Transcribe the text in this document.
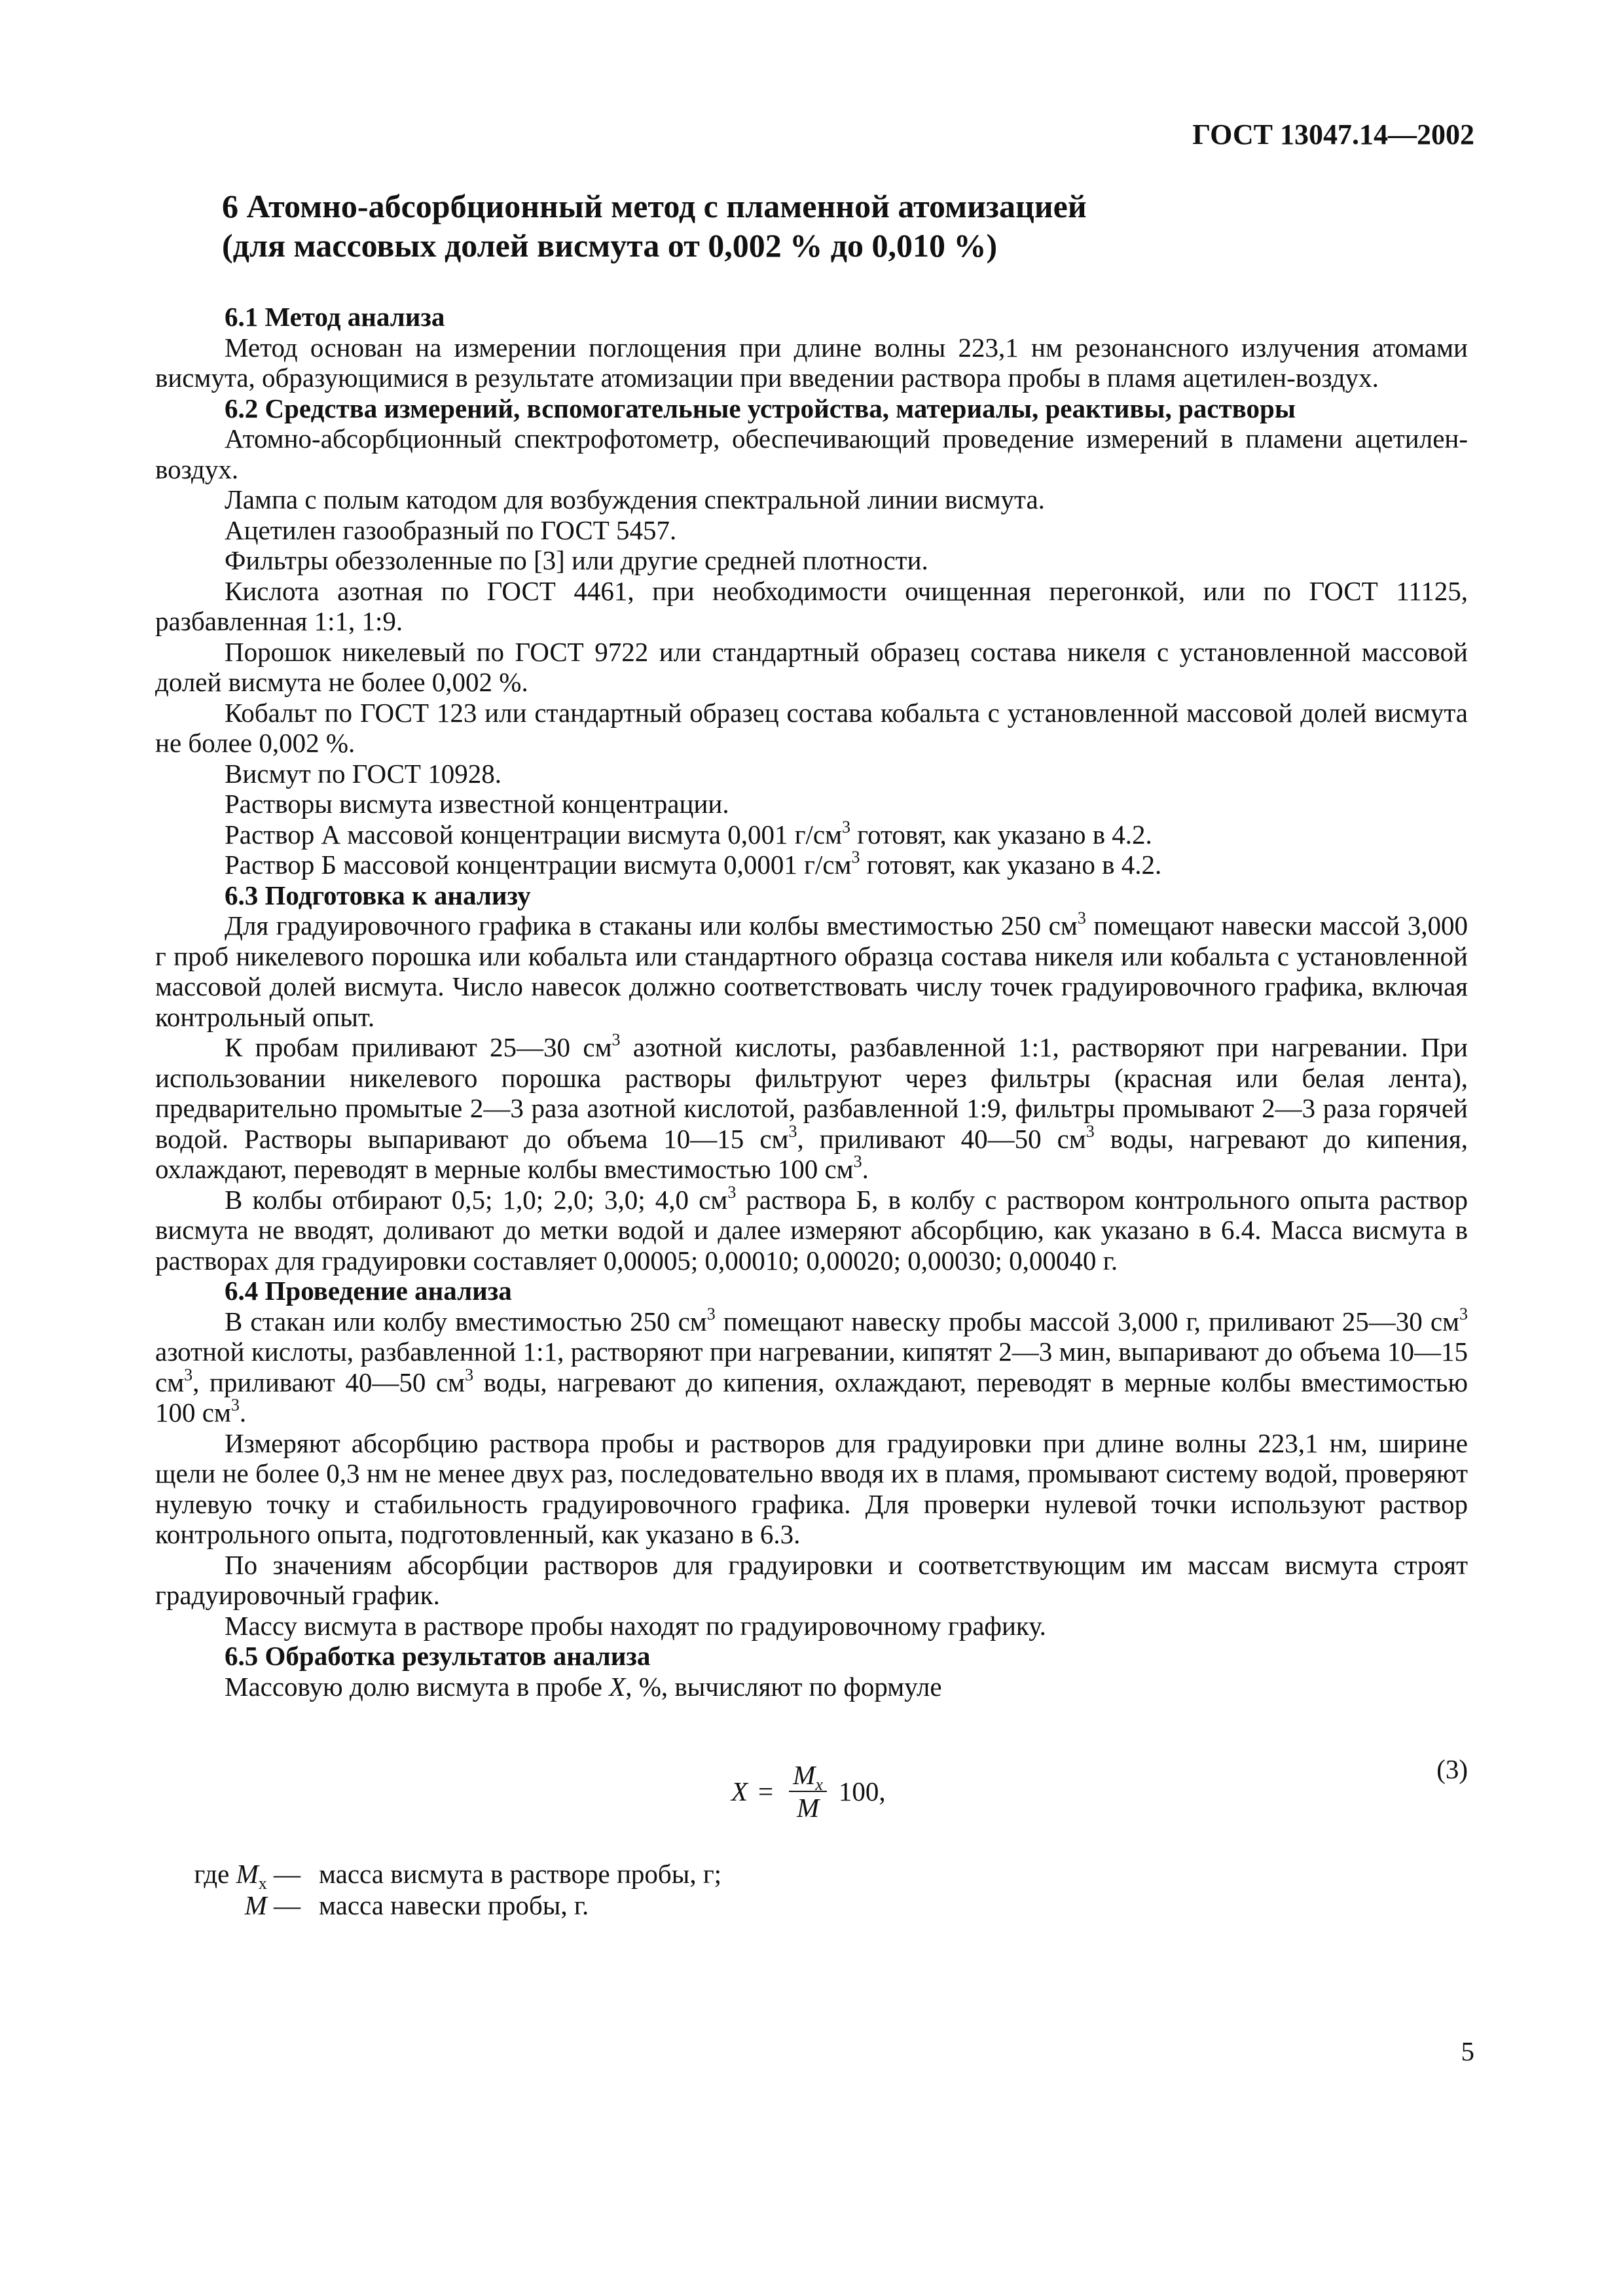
ГОСТ 13047.14—2002
6 Атомно-абсорбционный метод с пламенной атомизацией
(для массовых долей висмута от 0,002 % до 0,010 %)
6.1 Метод анализа

Метод основан на измерении поглощения при длине волны 223,1 нм резонансного излучения атомами висмута, образующимися в результате атомизации при введении раствора пробы в пламя ацетилен-воздух.

6.2 Средства измерений, вспомогательные устройства, материалы, реактивы, растворы

Атомно-абсорбционный спектрофотометр, обеспечивающий проведение измерений в пламени ацетилен-воздух.

Лампа с полым катодом для возбуждения спектральной линии висмута.

Ацетилен газообразный по ГОСТ 5457.

Фильтры обеззоленные по [3] или другие средней плотности.

Кислота азотная по ГОСТ 4461, при необходимости очищенная перегонкой, или по ГОСТ 11125, разбавленная 1:1, 1:9.

Порошок никелевый по ГОСТ 9722 или стандартный образец состава никеля с установленной массовой долей висмута не более 0,002 %.

Кобальт по ГОСТ 123 или стандартный образец состава кобальта с установленной массовой долей висмута не более 0,002 %.

Висмут по ГОСТ 10928.

Растворы висмута известной концентрации.

Раствор А массовой концентрации висмута 0,001 $г/см^3$ готовят, как указано в 4.2.

Раствор Б массовой концентрации висмута 0,0001 $г/см^3$ готовят, как указано в 4.2.

6.3 Подготовка к анализу

Для градуировочного графика в стаканы или колбы вместимостью 250 $см^3$ помещают навески массой 3,000 г проб никелевого порошка или кобальта или стандартного образца состава никеля или кобальта с установленной массовой долей висмута. Число навесок должно соответствовать числу точек градуировочного графика, включая контрольный опыт.

К пробам приливают 25—30 $см^3$ азотной кислоты, разбавленной 1:1, растворяют при нагревании. При использовании никелевого порошка растворы фильтруют через фильтры (красная или белая лента), предварительно промытые 2—3 раза азотной кислотой, разбавленной 1:9, фильтры промывают 2—3 раза горячей водой. Растворы выпаривают до объема 10—15 $см^3$, приливают 40—50 $см^3$ воды, нагревают до кипения, охлаждают, переводят в мерные колбы вместимостью 100 $см^3$.

В колбы отбирают 0,5; 1,0; 2,0; 3,0; 4,0 $см^3$ раствора Б, в колбу с раствором контрольного опыта раствор висмута не вводят, доливают до метки водой и далее измеряют абсорбцию, как указано в 6.4. Масса висмута в растворах для градуировки составляет 0,00005; 0,00010; 0,00020; 0,00030; 0,00040 г.

6.4 Проведение анализа

В стакан или колбу вместимостью 250 $см^3$ помещают навеску пробы массой 3,000 г, приливают 25—30 $см^3$ азотной кислоты, разбавленной 1:1, растворяют при нагревании, кипятят 2—3 мин, выпаривают до объема 10—15 $см^3$, приливают 40—50 $см^3$ воды, нагревают до кипения, охлаждают, переводят в мерные колбы вместимостью 100 $см^3$.

Измеряют абсорбцию раствора пробы и растворов для градуировки при длине волны 223,1 нм, ширине щели не более 0,3 нм не менее двух раз, последовательно вводя их в пламя, промывают систему водой, проверяют нулевую точку и стабильность градуировочного графика. Для проверки нулевой точки используют раствор контрольного опыта, подготовленный, как указано в 6.3.

По значениям абсорбции растворов для градуировки и соответствующим им массам висмута строят градуировочный график.

Массу висмута в растворе пробы находят по градуировочному графику.

6.5 Обработка результатов анализа

Массовую долю висмута в пробе X, %, вычисляют по формуле

$X = \frac{M_x}{M} 100$,
(3)
где $M_x$ — масса висмута в растворе пробы, г;
M — масса навески пробы, г.
5
